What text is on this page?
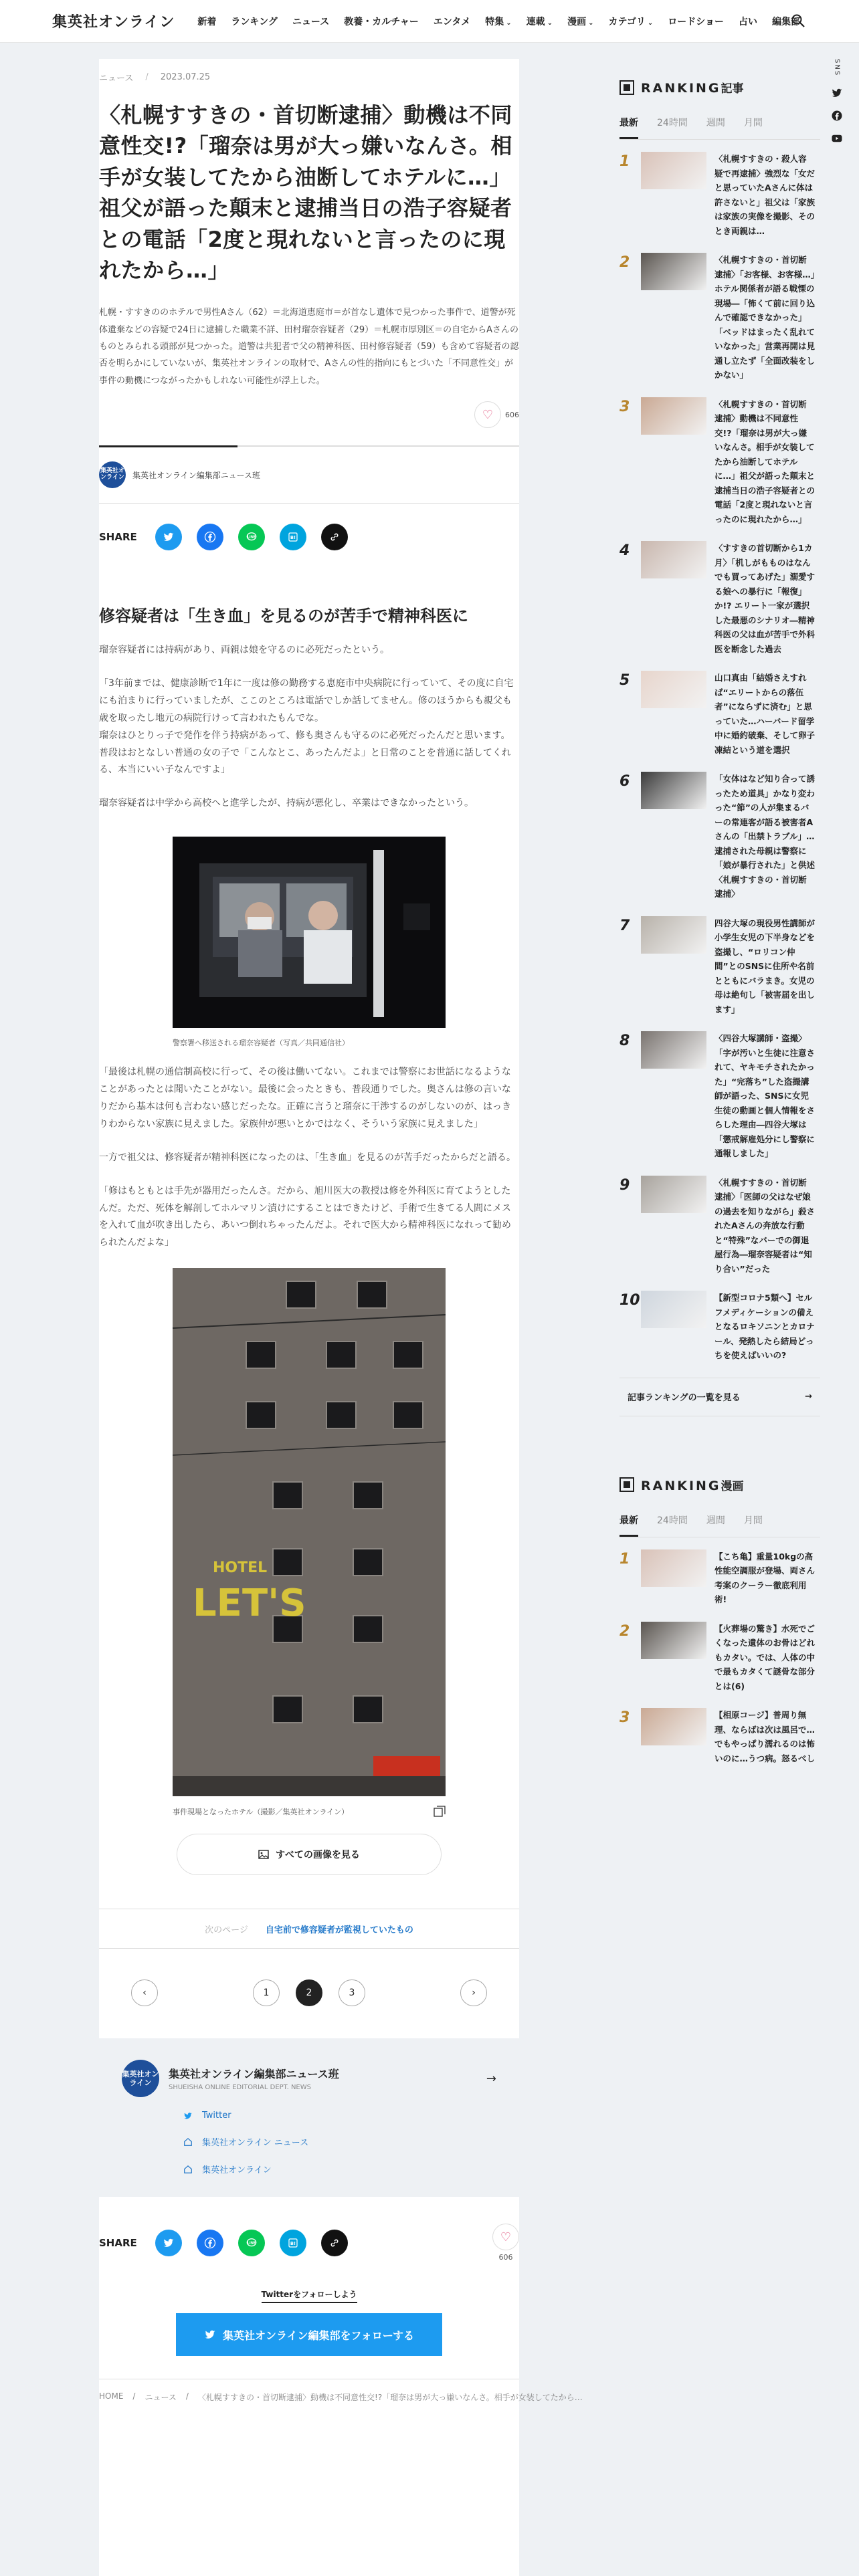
集英社オンライン 新着 ランキング ニュース 教養・カルチャー エンタメ 特集 ⌄ 連載 ⌄ 漫画 ⌄ カテゴリ ⌄ ロードショー 占い 編集部
SNS
ニュース / 2023.07.25
〈札幌すすきの・首切断逮捕〉動機は不同意性交!?「瑠奈は男が大っ嫌いなんさ。相手が女装してたから油断してホテルに…」祖父が語った顛末と逮捕当日の浩子容疑者との電話「2度と現れないと言ったのに現れたから…」

札幌・すすきののホテルで男性Aさん（62）＝北海道恵庭市＝が首なし遺体で見つかった事件で、道警が死体遺棄などの容疑で24日に逮捕した職業不詳、田村瑠奈容疑者（29）＝札幌市厚別区＝の自宅からAさんのものとみられる頭部が見つかった。道警は共犯者で父の精神科医、田村修容疑者（59）も含めて容疑者の認否を明らかにしていないが、集英社オンラインの取材で、Aさんの性的指向にもとづいた「不同意性交」が事件の動機につながったかもしれない可能性が浮上した。

♡	606
集英社オンライン 集英社オンライン編集部ニュース班
SHARE	LINE	B!
修容疑者は「生き血」を見るのが苦手で精神科医に

瑠奈容疑者には持病があり、両親は娘を守るのに必死だったという。

「3年前までは、健康診断で1年に一度は修の勤務する恵庭市中央病院に行っていて、その度に自宅にも泊まりに行っていましたが、ここのところは電話でしか話してません。修のほうからも親父も歳を取ったし地元の病院行けって言われたもんでな。
瑠奈はひとりっ子で発作を伴う持病があって、修も奥さんも守るのに必死だったんだと思います。普段はおとなしい普通の女の子で「こんなとこ、あったんだよ」と日常のことを普通に話してくれる、本当にいい子なんですよ」

瑠奈容疑者は中学から高校へと進学したが、持病が悪化し、卒業はできなかったという。

警察署へ移送される瑠奈容疑者（写真／共同通信社）

「最後は札幌の通信制高校に行って、その後は働いてない。これまでは警察にお世話になるようなことがあったとは聞いたことがない。最後に会ったときも、普段通りでした。奥さんは修の言いなりだから基本は何も言わない感じだったな。正確に言うと瑠奈に干渉するのがしないのが、はっきりわからない家族に見えました。家族仲が悪いとかではなく、そういう家族に見えました」

一方で祖父は、修容疑者が精神科医になったのは、「生き血」を見るのが苦手だったからだと語る。

「修はもともとは手先が器用だったんさ。だから、旭川医大の教授は修を外科医に育てようとしたんだ。ただ、死体を解剖してホルマリン漬けにすることはできたけど、手術で生きてる人間にメスを入れて血が吹き出したら、あいつ倒れちゃったんだよ。それで医大から精神科医になれって勧められたんだよな」

HOTEL
LET'S
事件現場となったホテル（撮影／集英社オンライン）
すべての画像を見る
次のページ 自宅前で修容疑者が監視していたもの
‹	1	2	3	›
集英社オンライン
集英社オンライン編集部ニュース班
SHUEISHA ONLINE EDITORIAL DEPT. NEWS
→
Twitter
集英社オンライン ニュース
集英社オンライン
SHARE	LINE	B!	♡
606
Twitterをフォローしよう
集英社オンライン編集部をフォローする
HOME / ニュース / 〈札幌すすきの・首切断逮捕〉動機は不同意性交!?「瑠奈は男が大っ嫌いなんさ。相手が女装してたから…
RANKING記事
最新 24時間 週間 月間
1	〈札幌すすきの・殺人容疑で再逮捕〉強烈な「女だと思っていたAさんに体は許さないと」祖父は「家族は家族の実像を撮影、そのとき両親は…
2	〈札幌すすきの・首切断逮捕〉「お客様、お客様…」ホテル関係者が語る戦慄の現場―「怖くて前に回り込んで確認できなかった」「ベッドはまったく乱れていなかった」営業再開は見通し立たず「全面改装をしかない」
3	〈札幌すすきの・首切断逮捕〉動機は不同意性交!?「瑠奈は男が大っ嫌いなんさ。相手が女装してたから油断してホテルに…」祖父が語った顛末と逮捕当日の浩子容疑者との電話「2度と現れないと言ったのに現れたから…」
4	〈すすきの首切断から1カ月〉「机しがもものはなんでも買ってあげた」溺愛する娘への暴行に「報復」か!? エリート一家が選択した最悪のシナリオ―精神科医の父は血が苦手で外科医を断念した過去
5	山口真由「結婚さえすれば“エリートからの落伍者”にならずに済む」と思っていた…ハーバード留学中に婚約破棄、そして卵子凍結という道を選択
6	「女体はなど知り合って誘ったため道具」かなり変わった“節”の人が集まるバーの常連客が語る被害者Aさんの「出禁トラブル」…逮捕された母親は警察に「娘が暴行された」と供述〈札幌すすきの・首切断逮捕〉
7	四谷大塚の現役男性講師が小学生女児の下半身などを盗撮し、“ロリコン仲間”とのSNSに住所や名前とともにバラまき。女児の母は絶句し「被害届を出します」
8	〈四谷大塚講師・盗撮〉「字が汚いと生徒に注意されて、ヤキモチされたかった」“完落ち”した盗撮講師が語った、SNSに女児生徒の動画と個人情報をさらした理由―四谷大塚は「懲戒解雇処分にし警察に通報しました」
9	〈札幌すすきの・首切断逮捕〉「医師の父はなぜ娘の過去を知りながら」殺されたAさんの奔放な行動と“特殊”なバーでの御退屋行為―瑠奈容疑者は“知り合い”だった
10	【新型コロナ5類へ】セルフメディケーションの備えとなるロキソニンとカロナール、発熱したら結局どっちを使えばいいの?
記事ランキングの一覧を見る	→
RANKING漫画
最新 24時間 週間 月間
1	【こち亀】重量10kgの高性能空調服が登場、両さん考案のクーラー徹底利用術!
2	【火葬場の驚き】水死でごくなった遺体のお骨はどれもカタい。では、人体の中で最もカタくて謎骨な部分とは(6)
3	【相原コージ】普周り無理、ならばは次は風呂で…でもやっぱり濡れるのは怖いのに…うつ病。怒るべし
